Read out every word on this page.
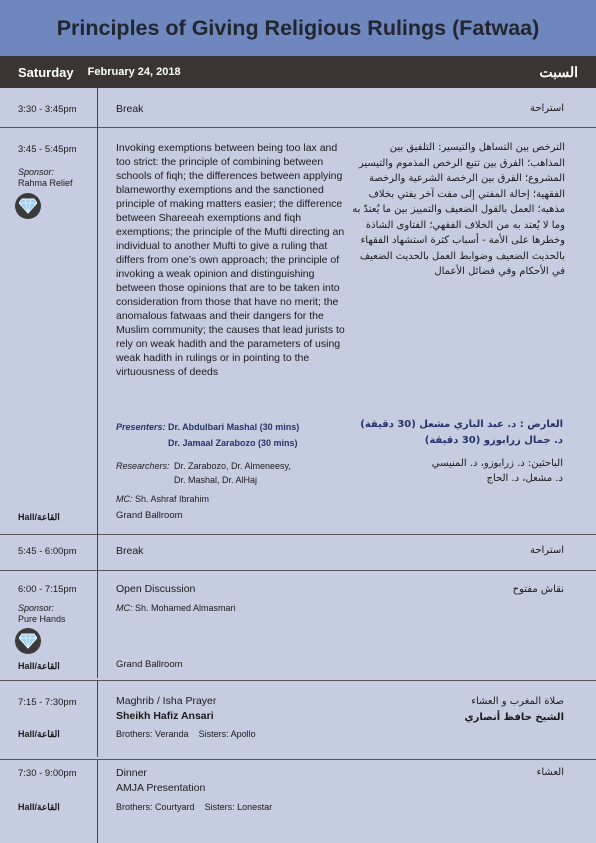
Principles of Giving Religious Rulings (Fatwaa)
Saturday February 24, 2018	السبت
3:30 - 3:45pm	Break	استراحة
3:45 - 5:45pm
Sponsor:
Rahma Relief
Invoking exemptions between being too lax and too strict: the principle of combining between schools of fiqh; the differences between applying blameworthy exemptions and the sanctioned principle of making matters easier; the difference between Shareeah exemptions and fiqh exemptions; the principle of the Mufti directing an individual to another Mufti to give a ruling that differs from one’s own approach; the principle of invoking a weak opinion and distinguishing between those opinions that are to be taken into consideration from those that have no merit; the anomalous fatwaas and their dangers for the Muslim community; the causes that lead jurists to rely on weak hadith and the parameters of using weak hadith in rulings or in pointing to the virtuousness of deeds
الترخص بين التساهل والتيسير: التلفيق بين المذاهب؛ الفرق بين تتبع الرخص المذموم والتيسير المشروع؛ الفرق بين الرخصة الشرعية والرخصة الفقهية؛ إحالة المفتي إلى مفت آخر يفتي بخلاف مذهبه؛ العمل بالقول الضعيف والتمييز بين ما يُعتدّ به وما لا يُعتد به من الخلاف الفقهي؛ الفتاوى الشاذة وخطرها على الأمة - أسباب كثرة استشهاد الفقهاء بالحديث الضعيف وضوابط العمل بالحديث الضعيف في الأحكام وفي فضائل الأعمال
Presenters: Dr. Abdulbari Mashal (30 mins)
Dr. Jamaal Zarabozo (30 mins)
العارض : د. عبد الباري مشعل (30 دقيقة)
د. جمال زرابوزو (30 دقيقة)
Researchers: Dr. Zarabozo, Dr. Almeneesy,
Dr. Mashal, Dr. AlHaj
الباحثين: د. زرابوزو، د. المنيسي
د. مشعل، د. الحاج
MC: Sh. Ashraf Ibrahim
Hall/القاعة	Grand Ballroom
5:45 - 6:00pm	Break	استراحة
6:00 - 7:15pm
Sponsor:
Pure Hands
Open Discussion	نقاش مفتوح
MC: Sh. Mohamed Almasmari
Hall/القاعة	Grand Ballroom
7:15 - 7:30pm	Maghrib / Isha Prayer
Sheikh Hafiz Ansari
صلاة المغرب و العشاء
الشيخ حافظ أنصاري
Hall/القاعة	Brothers: Veranda Sisters: Apollo
7:30 - 9:00pm	Dinner
AMJA Presentation
العشاء
Hall/القاعة	Brothers: Courtyard Sisters: Lonestar
